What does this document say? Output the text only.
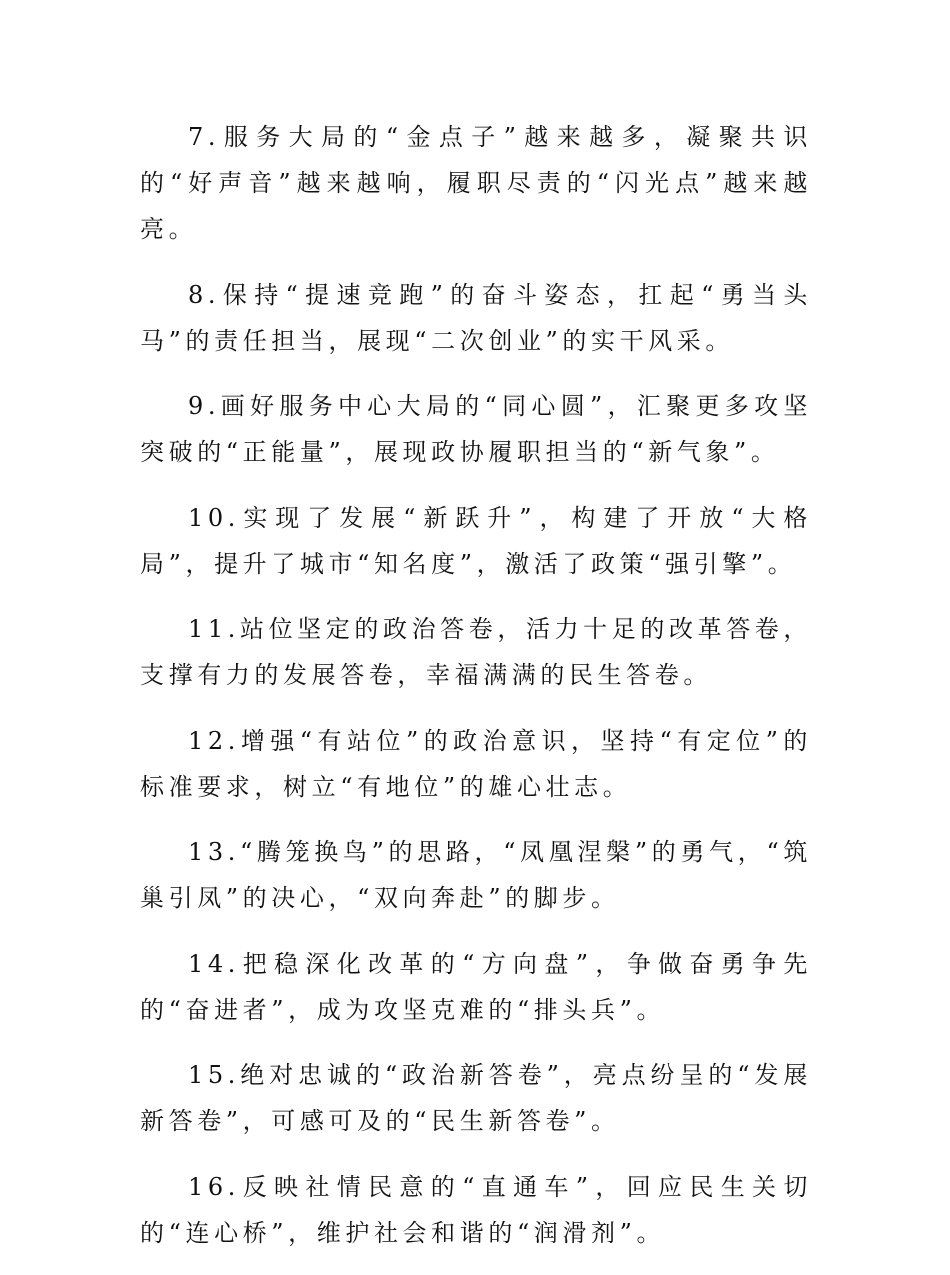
7.服务大局的“金点子”越来越多，凝聚共识的“好声音”越来越响，履职尽责的“闪光点”越来越亮。

8.保持“提速竞跑”的奋斗姿态，扛起“勇当头马”的责任担当，展现“二次创业”的实干风采。

9.画好服务中心大局的“同心圆”，汇聚更多攻坚突破的“正能量”，展现政协履职担当的“新气象”。

10.实现了发展“新跃升”，构建了开放“大格局”，提升了城市“知名度”，激活了政策“强引擎”。

11.站位坚定的政治答卷，活力十足的改革答卷，支撑有力的发展答卷，幸福满满的民生答卷。

12.增强“有站位”的政治意识，坚持“有定位”的标准要求，树立“有地位”的雄心壮志。

13.“腾笼换鸟”的思路，“凤凰涅槃”的勇气，“筑巢引凤”的决心，“双向奔赴”的脚步。

14.把稳深化改革的“方向盘”，争做奋勇争先的“奋进者”，成为攻坚克难的“排头兵”。

15.绝对忠诚的“政治新答卷”，亮点纷呈的“发展新答卷”，可感可及的“民生新答卷”。

16.反映社情民意的“直通车”，回应民生关切的“连心桥”，维护社会和谐的“润滑剂”。
